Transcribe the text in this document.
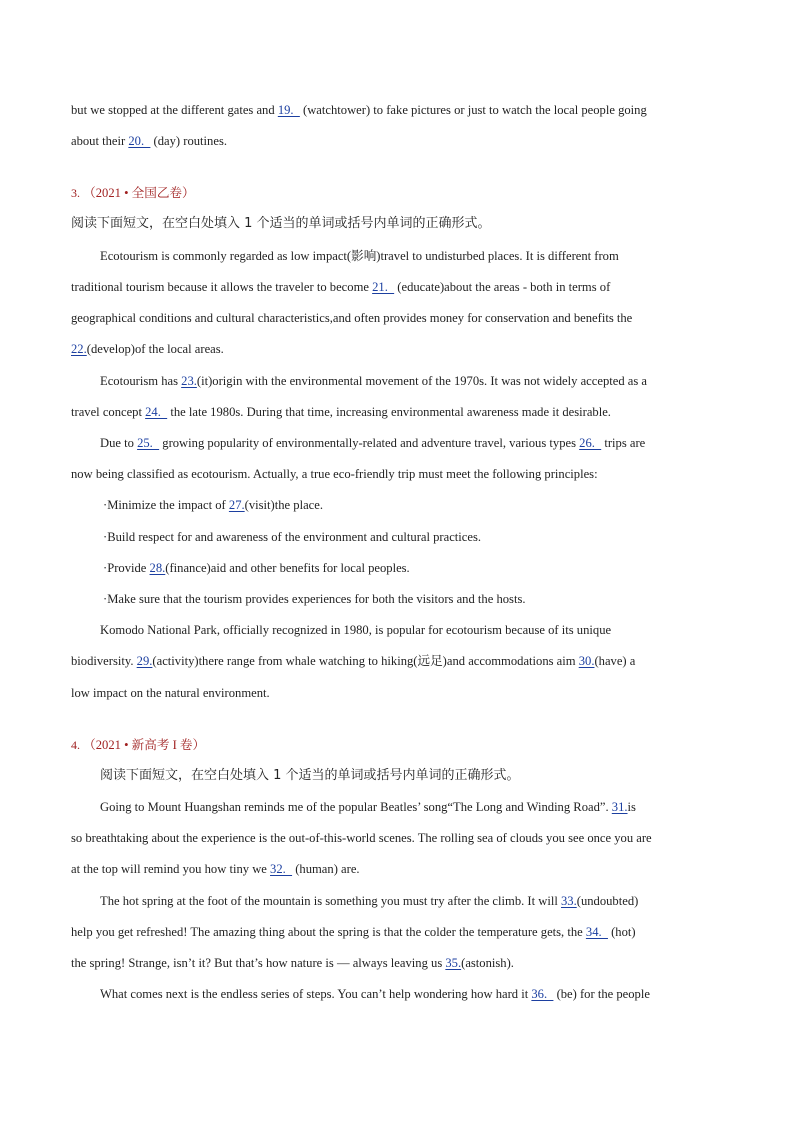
but we stopped at the different gates and 19.   (watchtower) to fake pictures or just to watch the local people going
about their 20.   (day) routines.
3. （2021 • 全国乙卷）
阅读下面短文，在空白处填入 1 个适当的单词或括号内单词的正确形式。
Ecotourism is commonly regarded as low impact(影响)travel to undisturbed places. It is different from
traditional tourism because it allows the traveler to become 21.   (educate)about the areas - both in terms of
geographical conditions and cultural characteristics,and often provides money for conservation and benefits the
22.(develop)of the local areas.
Ecotourism has 23.(it)origin with the environmental movement of the 1970s. It was not widely accepted as a
travel concept 24.   the late 1980s. During that time, increasing environmental awareness made it desirable.
Due to 25.   growing popularity of environmentally-related and adventure travel, various types 26.   trips are
now being classified as ecotourism. Actually, a true eco-friendly trip must meet the following principles:
·Minimize the impact of 27.(visit)the place.
·Build respect for and awareness of the environment and cultural practices.
·Provide 28.(finance)aid and other benefits for local peoples.
·Make sure that the tourism provides experiences for both the visitors and the hosts.
Komodo National Park, officially recognized in 1980, is popular for ecotourism because of its unique
biodiversity. 29.(activity)there range from whale watching to hiking(远足)and accommodations aim 30.(have) a
low impact on the natural environment.
4. （2021 • 新高考 I 卷）
阅读下面短文，在空白处填入 1 个适当的单词或括号内单词的正确形式。
Going to Mount Huangshan reminds me of the popular Beatles’ song“The Long and Winding Road”. 31.is
so breathtaking about the experience is the out-of-this-world scenes. The rolling sea of clouds you see once you are
at the top will remind you how tiny we 32.   (human) are.
The hot spring at the foot of the mountain is something you must try after the climb. It will 33.(undoubted)
help you get refreshed! The amazing thing about the spring is that the colder the temperature gets, the 34.   (hot)
the spring! Strange, isn’t it? But that’s how nature is — always leaving us 35.(astonish).
What comes next is the endless series of steps. You can’t help wondering how hard it 36.   (be) for the people
